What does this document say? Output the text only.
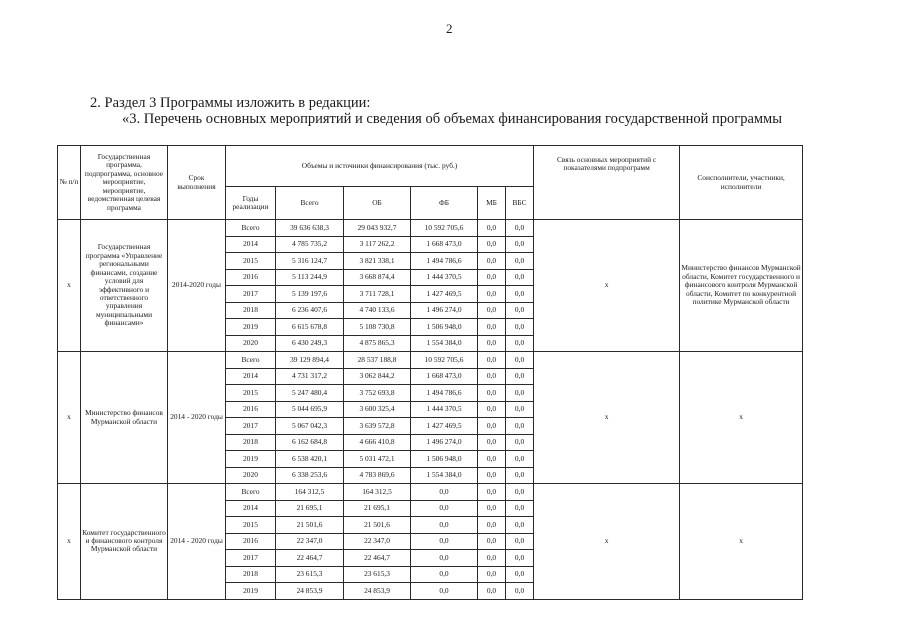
2
2. Раздел 3 Программы изложить в редакции:
«3. Перечень основных мероприятий и сведения об объемах финансирования государственной программы
№ п/п	Государственная программа, подпрограмма, основное мероприятие, мероприятие, ведомственная целевая программа	Срок выполнения	Объемы и источники финансирования (тыс. руб.)						Связь основных мероприятий с показателями подпрограмм	Соисполнители, участники, исполнители
			Годы реализации	Всего	ОБ	ФБ	МБ	ВБС		
x	Государственная программа «Управление региональными финансами, создание условий для эффективного и ответственного управления муниципальными финансами»	2014-2020 годы	Всего	39 636 638,3	29 043 932,7	10 592 705,6	0,0	0,0	x	Министерство финансов Мурманской области, Комитет государственного и финансового контроля Мурманской области, Комитет по конкурентной политике Мурманской области
			2014	4 785 735,2	3 117 262,2	1 668 473,0	0,0	0,0		
			2015	5 316 124,7	3 821 338,1	1 494 786,6	0,0	0,0		
			2016	5 113 244,9	3 668 874,4	1 444 370,5	0,0	0,0		
			2017	5 139 197,6	3 711 728,1	1 427 469,5	0,0	0,0		
			2018	6 236 407,6	4 740 133,6	1 496 274,0	0,0	0,0		
			2019	6 615 678,8	5 108 730,8	1 506 948,0	0,0	0,0		
			2020	6 430 249,3	4 875 865,3	1 554 384,0	0,0	0,0		
x	Министерство финансов Мурманской области	2014 - 2020 годы	Всего	39 129 894,4	28 537 188,8	10 592 705,6	0,0	0,0	x	x
			2014	4 731 317,2	3 062 844,2	1 668 473,0	0,0	0,0		
			2015	5 247 480,4	3 752 693,8	1 494 786,6	0,0	0,0		
			2016	5 044 695,9	3 600 325,4	1 444 370,5	0,0	0,0		
			2017	5 067 042,3	3 639 572,8	1 427 469,5	0,0	0,0		
			2018	6 162 684,8	4 666 410,8	1 496 274,0	0,0	0,0		
			2019	6 538 420,1	5 031 472,1	1 506 948,0	0,0	0,0		
			2020	6 338 253,6	4 783 869,6	1 554 384,0	0,0	0,0		
x	Комитет государственного и финансового контроля Мурманской области	2014 - 2020 годы	Всего	164 312,5	164 312,5	0,0	0,0	0,0	x	x
			2014	21 695,1	21 695,1	0,0	0,0	0,0		
			2015	21 501,6	21 501,6	0,0	0,0	0,0		
			2016	22 347,0	22 347,0	0,0	0,0	0,0		
			2017	22 464,7	22 464,7	0,0	0,0	0,0		
			2018	23 615,3	23 615,3	0,0	0,0	0,0		
			2019	24 853,9	24 853,9	0,0	0,0	0,0		
